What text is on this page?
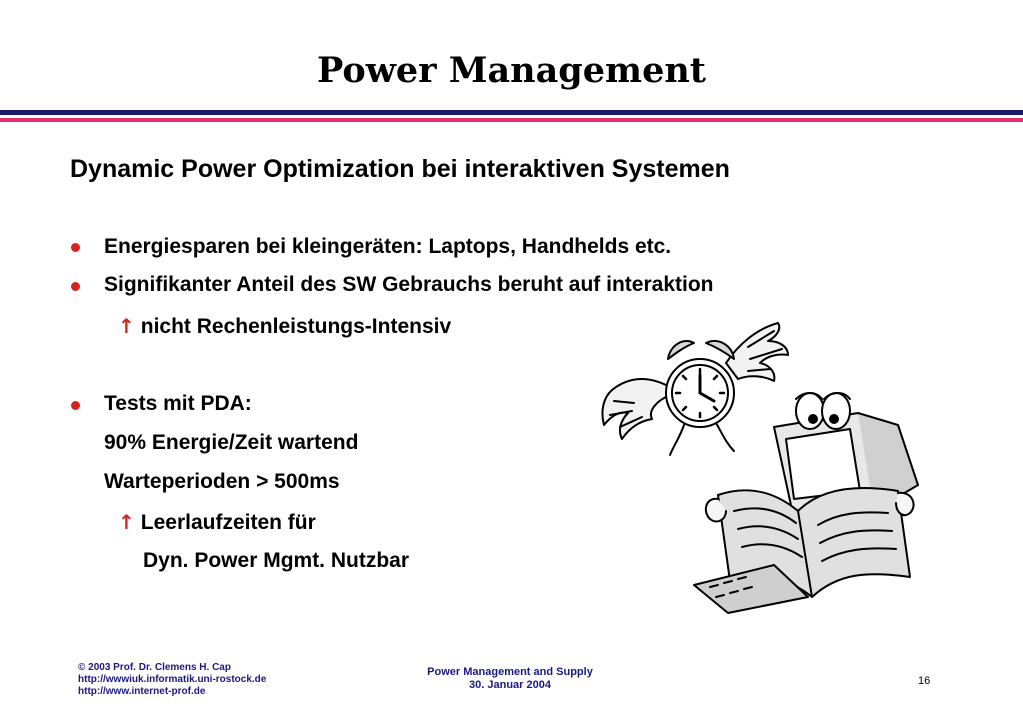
Power Management
Dynamic Power Optimization bei interaktiven Systemen
Energiesparen bei kleingeräten: Laptops, Handhelds etc.
Signifikanter Anteil des SW Gebrauchs beruht auf interaktion
↑ nicht Rechenleistungs-Intensiv
Tests mit PDA:
90% Energie/Zeit wartend
Warteperioden > 500ms
↑ Leerlaufzeiten für
Dyn. Power Mgmt. Nutzbar
© 2003 Prof. Dr. Clemens H. Cap
http://wwwiuk.informatik.uni-rostock.de
http://www.internet-prof.de
Power Management and Supply
30. Januar 2004	16
